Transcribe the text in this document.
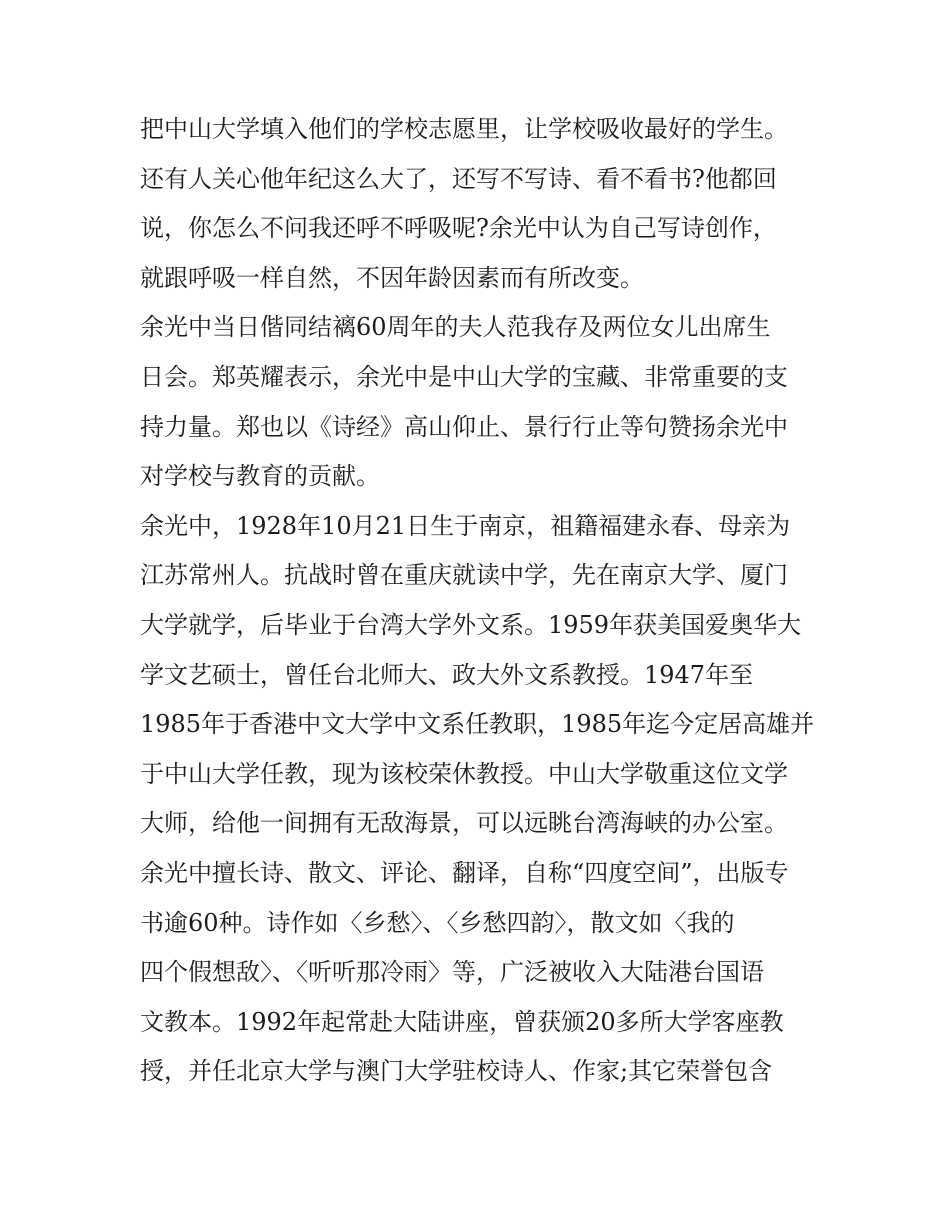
把中山大学填入他们的学校志愿里，让学校吸收最好的学生。
还有人关心他年纪这么大了，还写不写诗、看不看书?他都回
说，你怎么不问我还呼不呼吸呢?余光中认为自己写诗创作，
就跟呼吸一样自然，不因年龄因素而有所改变。
余光中当日偕同结褵60周年的夫人范我存及两位女儿出席生
日会。郑英耀表示，余光中是中山大学的宝藏、非常重要的支
持力量。郑也以《诗经》高山仰止、景行行止等句赞扬余光中
对学校与教育的贡献。
余光中，1928年10月21日生于南京，祖籍福建永春、母亲为
江苏常州人。抗战时曾在重庆就读中学，先在南京大学、厦门
大学就学，后毕业于台湾大学外文系。1959年获美国爱奥华大
学文艺硕士，曾任台北师大、政大外文系教授。1947年至
1985年于香港中文大学中文系任教职，1985年迄今定居高雄并
于中山大学任教，现为该校荣休教授。中山大学敬重这位文学
大师，给他一间拥有无敌海景，可以远眺台湾海峡的办公室。
余光中擅长诗、散文、评论、翻译，自称“四度空间”，出版专
书逾60种。诗作如〈乡愁〉、〈乡愁四韵〉，散文如〈我的
四个假想敌〉、〈听听那冷雨〉等，广泛被收入大陆港台国语
文教本。1992年起常赴大陆讲座，曾获颁20多所大学客座教
授，并任北京大学与澳门大学驻校诗人、作家;其它荣誉包含
